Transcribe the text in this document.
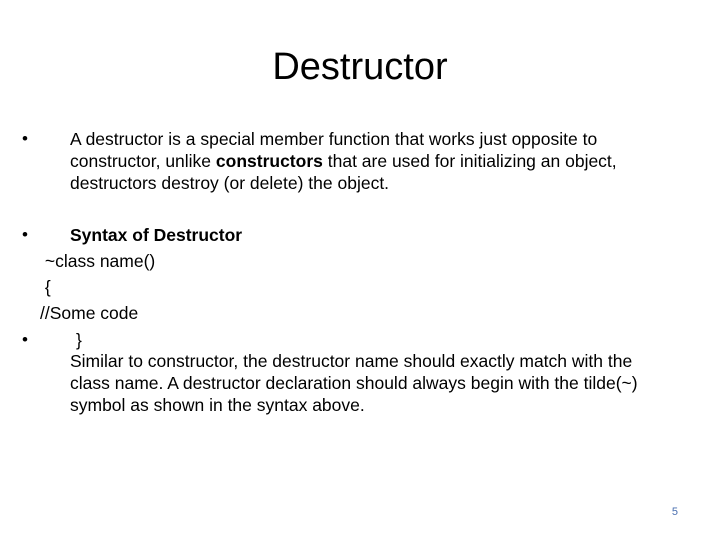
Destructor
•	A destructor is a special member function that works just opposite to constructor, unlike constructors that are used for initializing an object, destructors destroy (or delete) the object.
•	Syntax of Destructor
~class name()
{
//Some code
•	}
Similar to constructor, the destructor name should exactly match with the class name. A destructor declaration should always begin with the tilde(~) symbol as shown in the syntax above.
5
